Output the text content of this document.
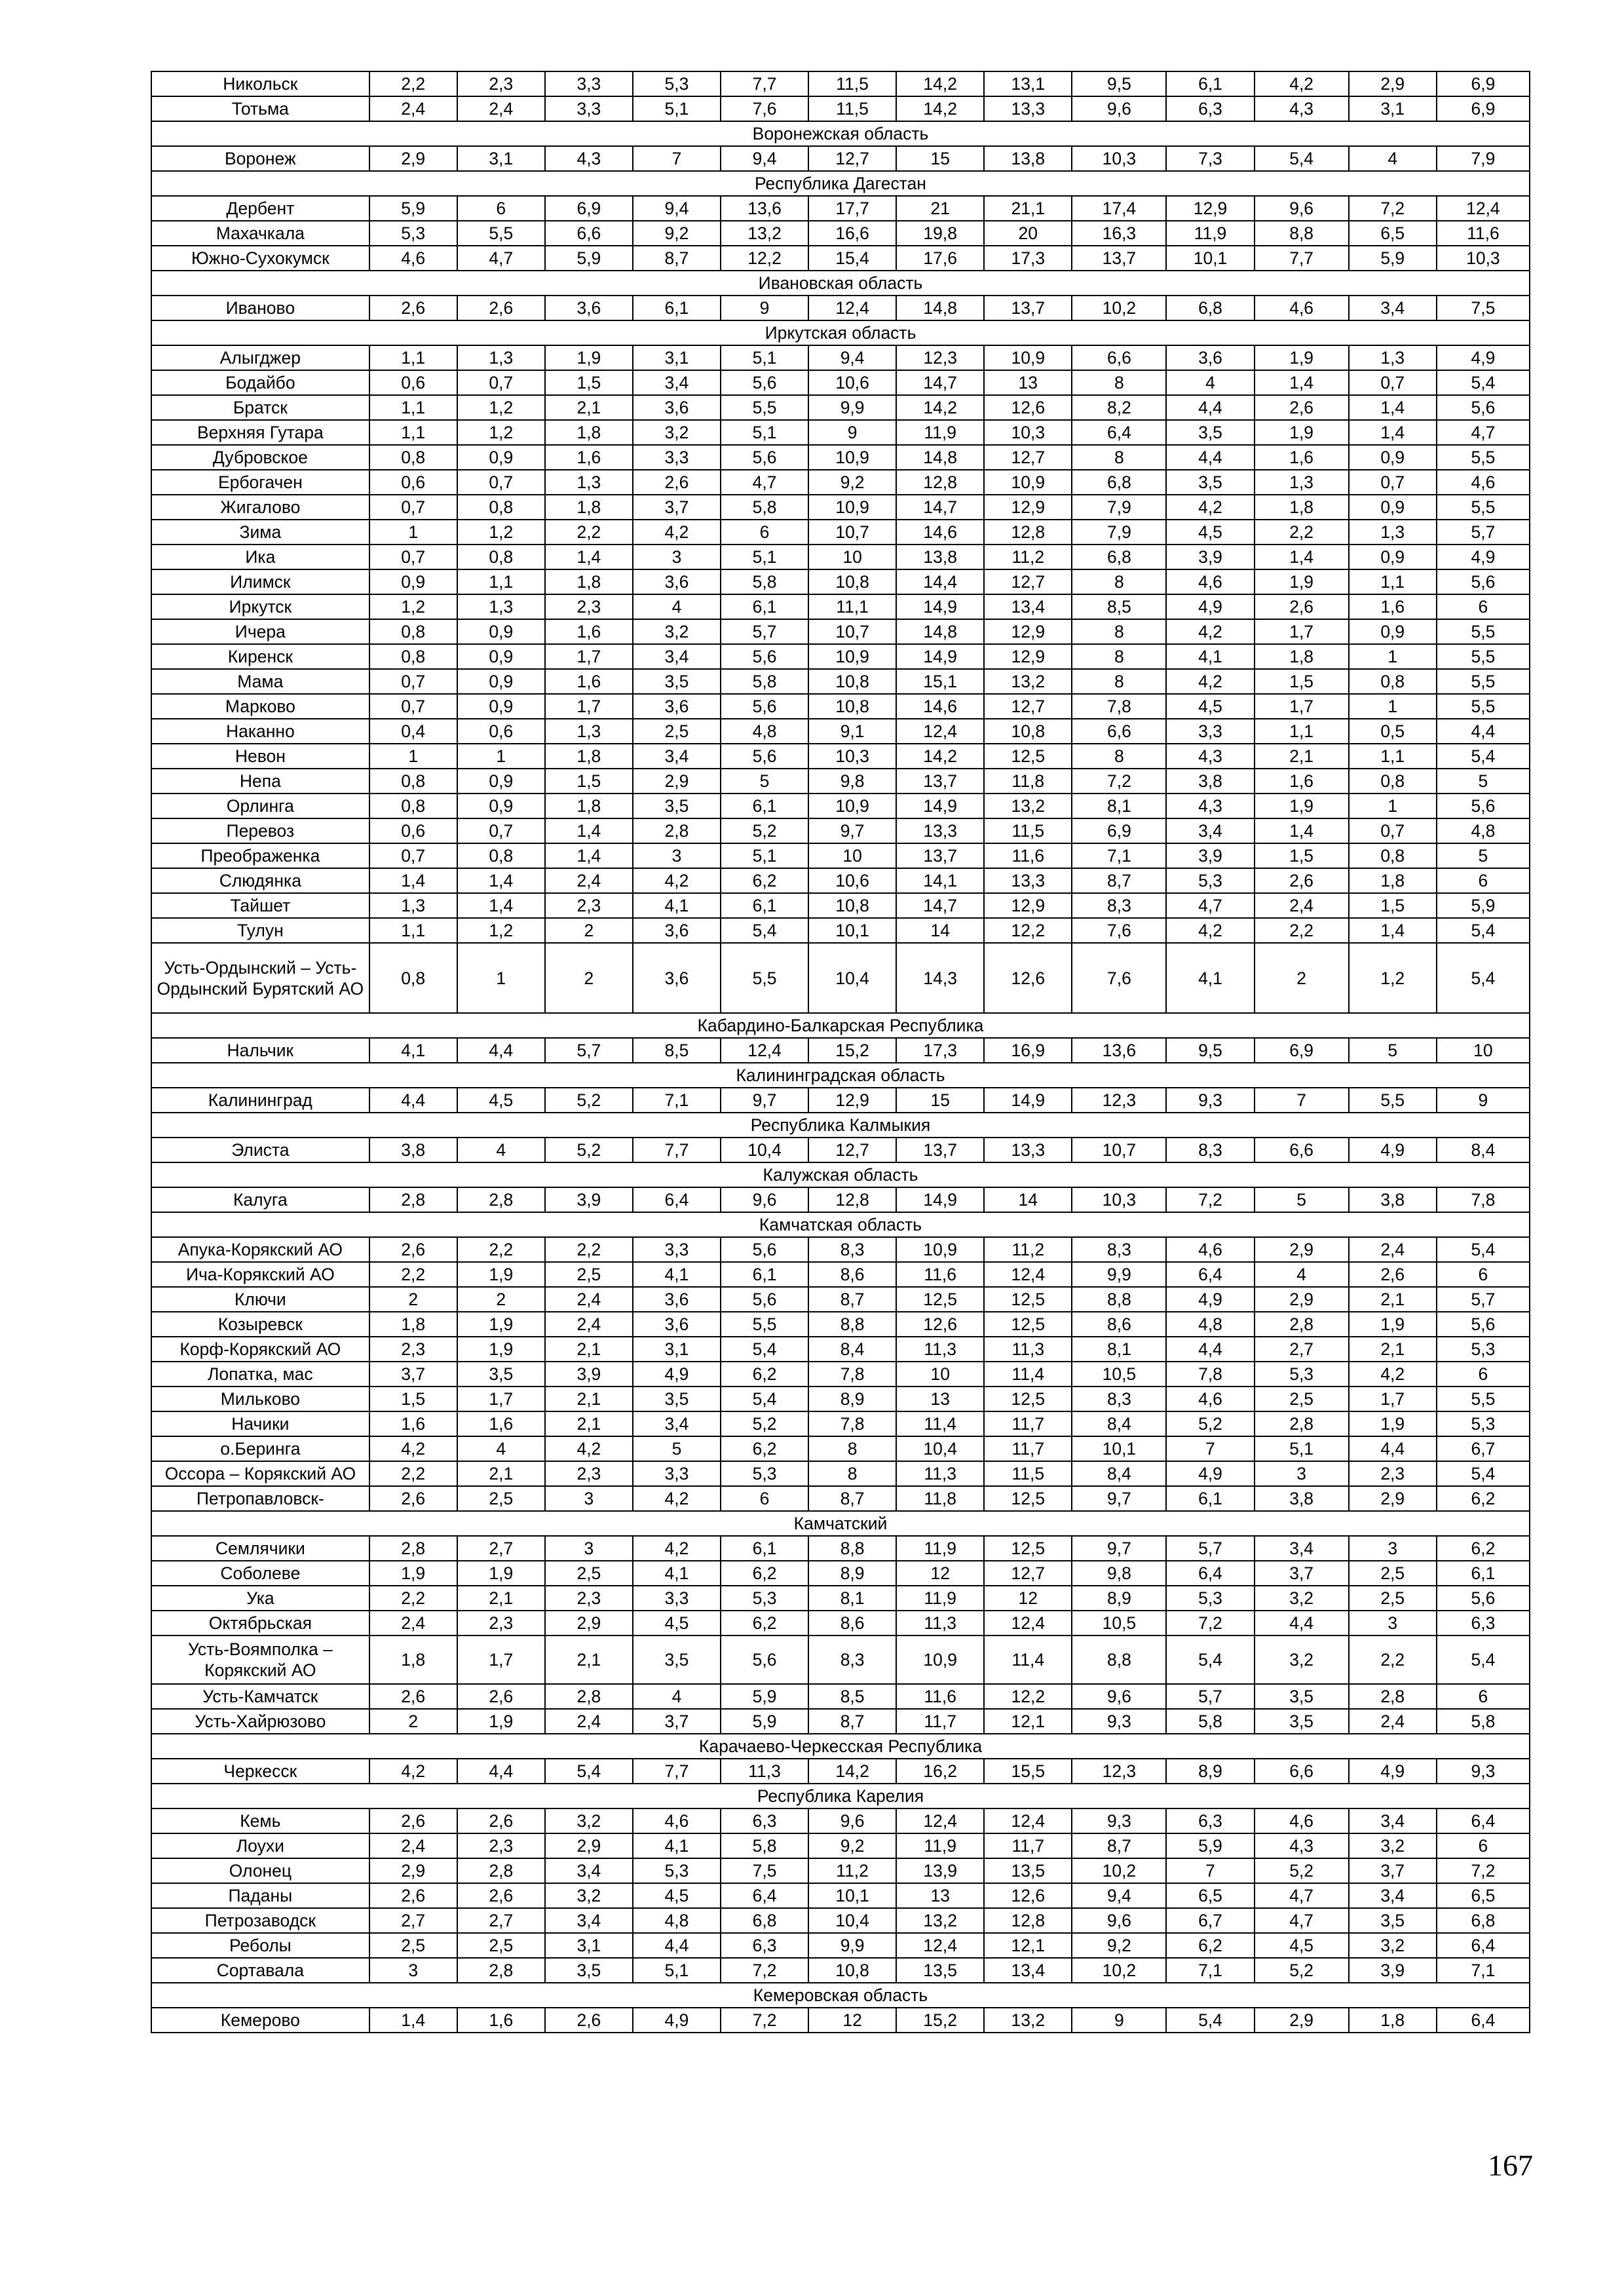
Никольск	2,2	2,3	3,3	5,3	7,7	11,5	14,2	13,1	9,5	6,1	4,2	2,9	6,9
Тотьма	2,4	2,4	3,3	5,1	7,6	11,5	14,2	13,3	9,6	6,3	4,3	3,1	6,9
Воронежская область													
Воронеж	2,9	3,1	4,3	7	9,4	12,7	15	13,8	10,3	7,3	5,4	4	7,9
Республика Дагестан													
Дербент	5,9	6	6,9	9,4	13,6	17,7	21	21,1	17,4	12,9	9,6	7,2	12,4
Махачкала	5,3	5,5	6,6	9,2	13,2	16,6	19,8	20	16,3	11,9	8,8	6,5	11,6
Южно-Сухокумск	4,6	4,7	5,9	8,7	12,2	15,4	17,6	17,3	13,7	10,1	7,7	5,9	10,3
Ивановская область													
Иваново	2,6	2,6	3,6	6,1	9	12,4	14,8	13,7	10,2	6,8	4,6	3,4	7,5
Иркутская область													
Алыгджер	1,1	1,3	1,9	3,1	5,1	9,4	12,3	10,9	6,6	3,6	1,9	1,3	4,9
Бодайбо	0,6	0,7	1,5	3,4	5,6	10,6	14,7	13	8	4	1,4	0,7	5,4
Братск	1,1	1,2	2,1	3,6	5,5	9,9	14,2	12,6	8,2	4,4	2,6	1,4	5,6
Верхняя Гутара	1,1	1,2	1,8	3,2	5,1	9	11,9	10,3	6,4	3,5	1,9	1,4	4,7
Дубровское	0,8	0,9	1,6	3,3	5,6	10,9	14,8	12,7	8	4,4	1,6	0,9	5,5
Ербогачен	0,6	0,7	1,3	2,6	4,7	9,2	12,8	10,9	6,8	3,5	1,3	0,7	4,6
Жигалово	0,7	0,8	1,8	3,7	5,8	10,9	14,7	12,9	7,9	4,2	1,8	0,9	5,5
Зима	1	1,2	2,2	4,2	6	10,7	14,6	12,8	7,9	4,5	2,2	1,3	5,7
Ика	0,7	0,8	1,4	3	5,1	10	13,8	11,2	6,8	3,9	1,4	0,9	4,9
Илимск	0,9	1,1	1,8	3,6	5,8	10,8	14,4	12,7	8	4,6	1,9	1,1	5,6
Иркутск	1,2	1,3	2,3	4	6,1	11,1	14,9	13,4	8,5	4,9	2,6	1,6	6
Ичера	0,8	0,9	1,6	3,2	5,7	10,7	14,8	12,9	8	4,2	1,7	0,9	5,5
Киренск	0,8	0,9	1,7	3,4	5,6	10,9	14,9	12,9	8	4,1	1,8	1	5,5
Мама	0,7	0,9	1,6	3,5	5,8	10,8	15,1	13,2	8	4,2	1,5	0,8	5,5
Марково	0,7	0,9	1,7	3,6	5,6	10,8	14,6	12,7	7,8	4,5	1,7	1	5,5
Наканно	0,4	0,6	1,3	2,5	4,8	9,1	12,4	10,8	6,6	3,3	1,1	0,5	4,4
Невон	1	1	1,8	3,4	5,6	10,3	14,2	12,5	8	4,3	2,1	1,1	5,4
Непа	0,8	0,9	1,5	2,9	5	9,8	13,7	11,8	7,2	3,8	1,6	0,8	5
Орлинга	0,8	0,9	1,8	3,5	6,1	10,9	14,9	13,2	8,1	4,3	1,9	1	5,6
Перевоз	0,6	0,7	1,4	2,8	5,2	9,7	13,3	11,5	6,9	3,4	1,4	0,7	4,8
Преображенка	0,7	0,8	1,4	3	5,1	10	13,7	11,6	7,1	3,9	1,5	0,8	5
Слюдянка	1,4	1,4	2,4	4,2	6,2	10,6	14,1	13,3	8,7	5,3	2,6	1,8	6
Тайшет	1,3	1,4	2,3	4,1	6,1	10,8	14,7	12,9	8,3	4,7	2,4	1,5	5,9
Тулун	1,1	1,2	2	3,6	5,4	10,1	14	12,2	7,6	4,2	2,2	1,4	5,4
Усть-Ордынский – Усть-Ордынский Бурятский АО	0,8	1	2	3,6	5,5	10,4	14,3	12,6	7,6	4,1	2	1,2	5,4
Кабардино-Балкарская Республика													
Нальчик	4,1	4,4	5,7	8,5	12,4	15,2	17,3	16,9	13,6	9,5	6,9	5	10
Калининградская область													
Калининград	4,4	4,5	5,2	7,1	9,7	12,9	15	14,9	12,3	9,3	7	5,5	9
Республика Калмыкия													
Элиста	3,8	4	5,2	7,7	10,4	12,7	13,7	13,3	10,7	8,3	6,6	4,9	8,4
Калужская область													
Калуга	2,8	2,8	3,9	6,4	9,6	12,8	14,9	14	10,3	7,2	5	3,8	7,8
Камчатская область													
Апука-Корякский АО	2,6	2,2	2,2	3,3	5,6	8,3	10,9	11,2	8,3	4,6	2,9	2,4	5,4
Ича-Корякский АО	2,2	1,9	2,5	4,1	6,1	8,6	11,6	12,4	9,9	6,4	4	2,6	6
Ключи	2	2	2,4	3,6	5,6	8,7	12,5	12,5	8,8	4,9	2,9	2,1	5,7
Козыревск	1,8	1,9	2,4	3,6	5,5	8,8	12,6	12,5	8,6	4,8	2,8	1,9	5,6
Корф-Корякский АО	2,3	1,9	2,1	3,1	5,4	8,4	11,3	11,3	8,1	4,4	2,7	2,1	5,3
Лопатка, мас	3,7	3,5	3,9	4,9	6,2	7,8	10	11,4	10,5	7,8	5,3	4,2	6
Мильково	1,5	1,7	2,1	3,5	5,4	8,9	13	12,5	8,3	4,6	2,5	1,7	5,5
Начики	1,6	1,6	2,1	3,4	5,2	7,8	11,4	11,7	8,4	5,2	2,8	1,9	5,3
о.Беринга	4,2	4	4,2	5	6,2	8	10,4	11,7	10,1	7	5,1	4,4	6,7
Оссора – Корякский АО	2,2	2,1	2,3	3,3	5,3	8	11,3	11,5	8,4	4,9	3	2,3	5,4
Петропавловск-	2,6	2,5	3	4,2	6	8,7	11,8	12,5	9,7	6,1	3,8	2,9	6,2
Камчатский													
Семлячики	2,8	2,7	3	4,2	6,1	8,8	11,9	12,5	9,7	5,7	3,4	3	6,2
Соболеве	1,9	1,9	2,5	4,1	6,2	8,9	12	12,7	9,8	6,4	3,7	2,5	6,1
Ука	2,2	2,1	2,3	3,3	5,3	8,1	11,9	12	8,9	5,3	3,2	2,5	5,6
Октябрьская	2,4	2,3	2,9	4,5	6,2	8,6	11,3	12,4	10,5	7,2	4,4	3	6,3
Усть-Воямполка – Корякский АО	1,8	1,7	2,1	3,5	5,6	8,3	10,9	11,4	8,8	5,4	3,2	2,2	5,4
Усть-Камчатск	2,6	2,6	2,8	4	5,9	8,5	11,6	12,2	9,6	5,7	3,5	2,8	6
Усть-Хайрюзово	2	1,9	2,4	3,7	5,9	8,7	11,7	12,1	9,3	5,8	3,5	2,4	5,8
Карачаево-Черкесская Республика													
Черкесск	4,2	4,4	5,4	7,7	11,3	14,2	16,2	15,5	12,3	8,9	6,6	4,9	9,3
Республика Карелия													
Кемь	2,6	2,6	3,2	4,6	6,3	9,6	12,4	12,4	9,3	6,3	4,6	3,4	6,4
Лоухи	2,4	2,3	2,9	4,1	5,8	9,2	11,9	11,7	8,7	5,9	4,3	3,2	6
Олонец	2,9	2,8	3,4	5,3	7,5	11,2	13,9	13,5	10,2	7	5,2	3,7	7,2
Паданы	2,6	2,6	3,2	4,5	6,4	10,1	13	12,6	9,4	6,5	4,7	3,4	6,5
Петрозаводск	2,7	2,7	3,4	4,8	6,8	10,4	13,2	12,8	9,6	6,7	4,7	3,5	6,8
Реболы	2,5	2,5	3,1	4,4	6,3	9,9	12,4	12,1	9,2	6,2	4,5	3,2	6,4
Сортавала	3	2,8	3,5	5,1	7,2	10,8	13,5	13,4	10,2	7,1	5,2	3,9	7,1
Кемеровская область													
Кемерово	1,4	1,6	2,6	4,9	7,2	12	15,2	13,2	9	5,4	2,9	1,8	6,4
167
